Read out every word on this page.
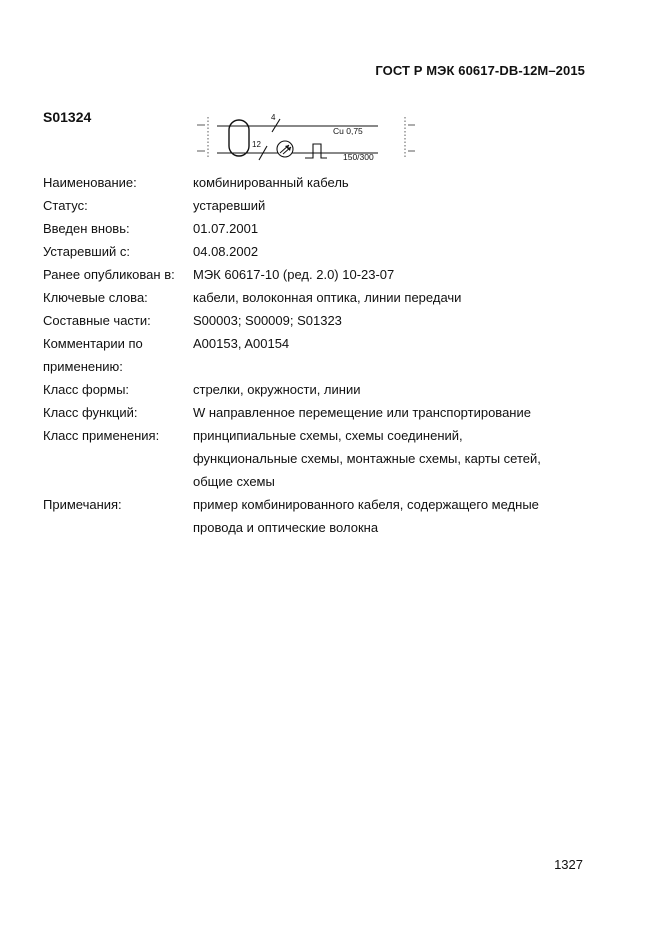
ГОСТ Р МЭК 60617-DB-12M–2015
S01324	4
Cu 0,75
12
150/300
Наименование:	комбинированный кабель
Статус:	устаревший
Введен вновь:	01.07.2001
Устаревший с:	04.08.2002
Ранее опубликован в:	МЭК 60617-10 (ред. 2.0) 10-23-07
Ключевые слова:	кабели, волоконная оптика, линии передачи
Составные части:	S00003; S00009; S01323
Комментарии по применению:
A00153, A00154
Класс формы:	стрелки, окружности, линии
Класс функций:	W направленное перемещение или транспортирование
Класс применения:	принципиальные схемы, схемы соединений,
функциональные схемы, монтажные схемы, карты сетей,
общие схемы
Примечания:	пример комбинированного кабеля, содержащего медные
провода и оптические волокна
1327
